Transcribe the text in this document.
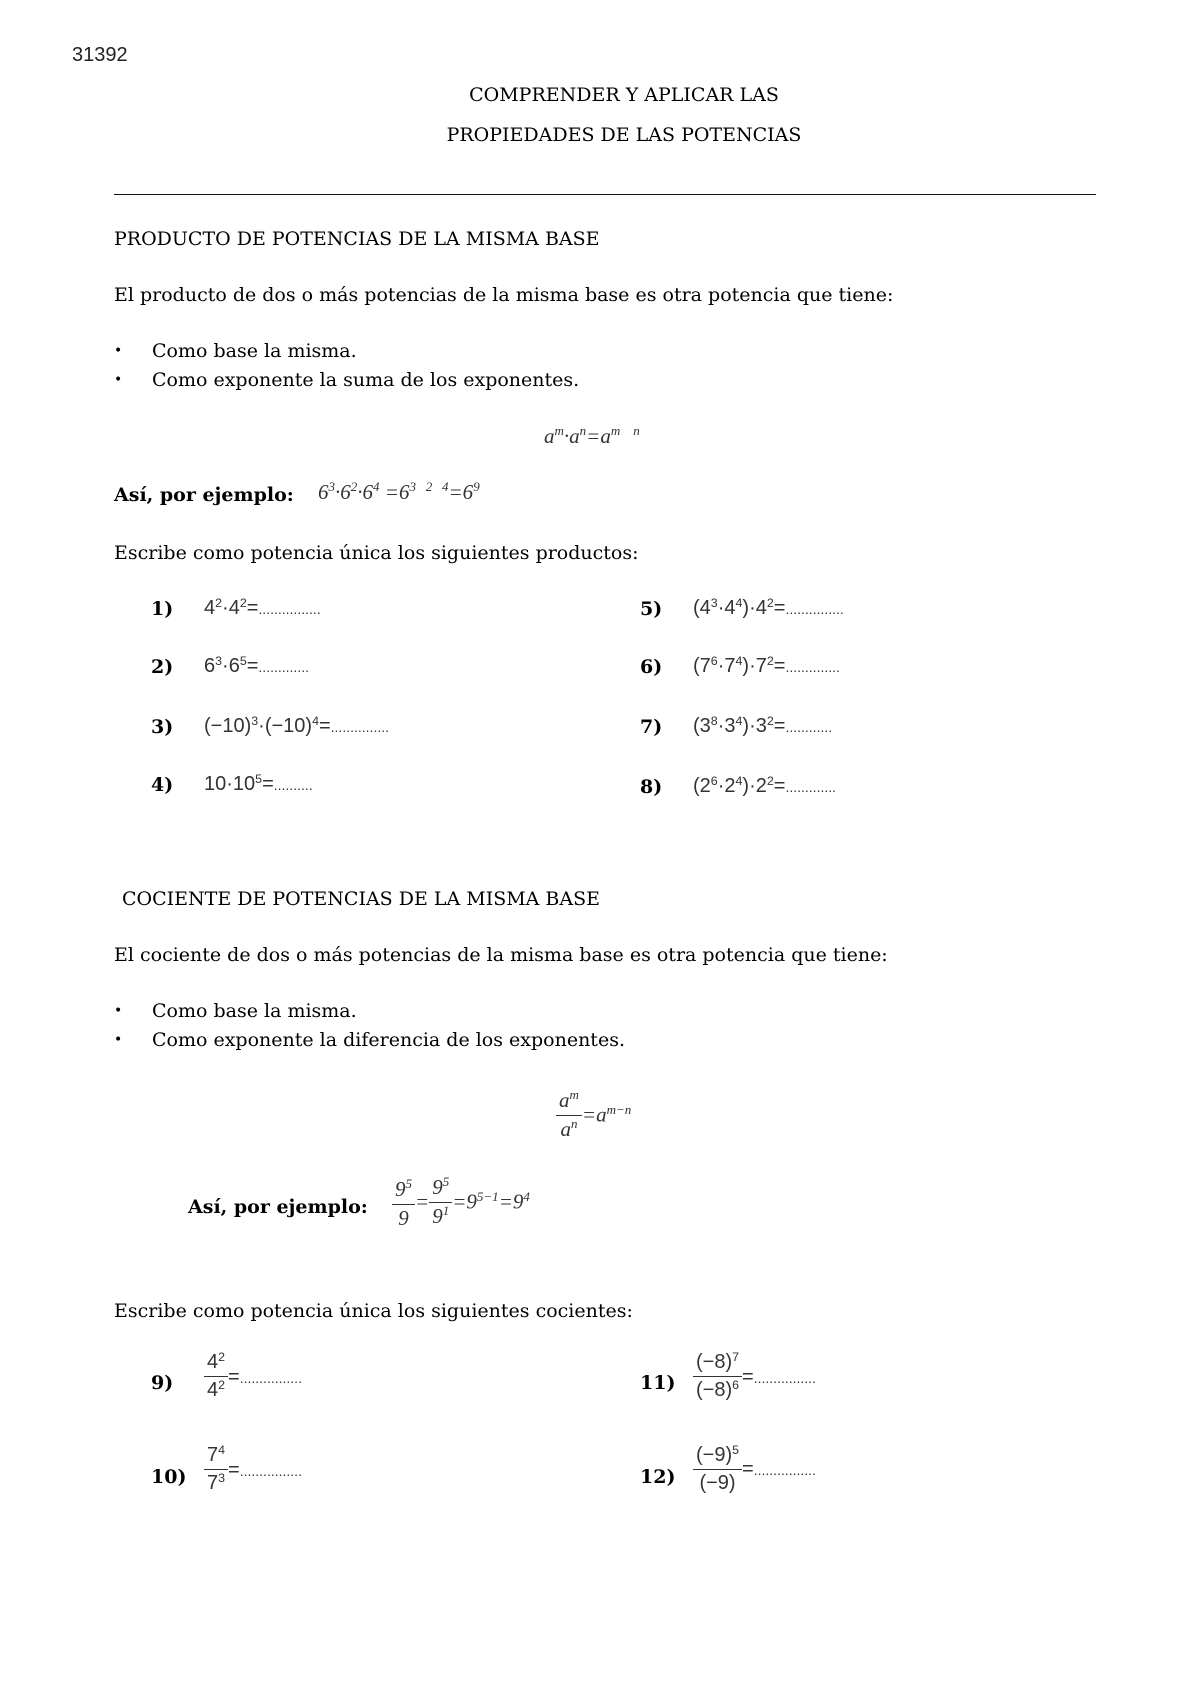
31392
COMPRENDER Y APLICAR LAS
PROPIEDADES DE LAS POTENCIAS
PRODUCTO DE POTENCIAS DE LA MISMA BASE
El producto de dos o más potencias de la misma base es otra potencia que tiene:
• Como base la misma.
• Como exponente la suma de los exponentes.
$a^m\cdot a^n=a^{m n}$
Así, por ejemplo: $6^3\cdot 6^2\cdot 6^4 =6^{3 2 4}=6^9$
Escribe como potencia única los siguientes productos:
1) $4^2\cdot 4^2=$................
2) $6^3\cdot 6^5=$.............
3) $(-10)^3\cdot(-10)^4=$...............
4) $10\cdot 10^5=$..........
5) $(4^3\cdot 4^4)\cdot 4^2=$...............
6) $(7^6\cdot 7^4)\cdot 7^2=$..............
7) $(3^8\cdot 3^4)\cdot 3^2=$............
8) $(2^6\cdot 2^4)\cdot 2^2=$.............
COCIENTE DE POTENCIAS DE LA MISMA BASE
El cociente de dos o más potencias de la misma base es otra potencia que tiene:
• Como base la misma.
• Como exponente la diferencia de los exponentes.
$\frac{a^m}{a^n} =a^{m-n}$
Así, por ejemplo: $\frac{9^5}{9} = \frac{9^5}{9^1} =9^{5-1}=9^4$
Escribe como potencia única los siguientes cocientes:
$9) \frac{4^2}{4^2}$ =................
$10) \frac{7^4}{7^3}$ =................
$11) \frac{(-8)^7}{(-8)^6}$ =................
$12) \frac{(-9)^5}{(-9)}$ =................
